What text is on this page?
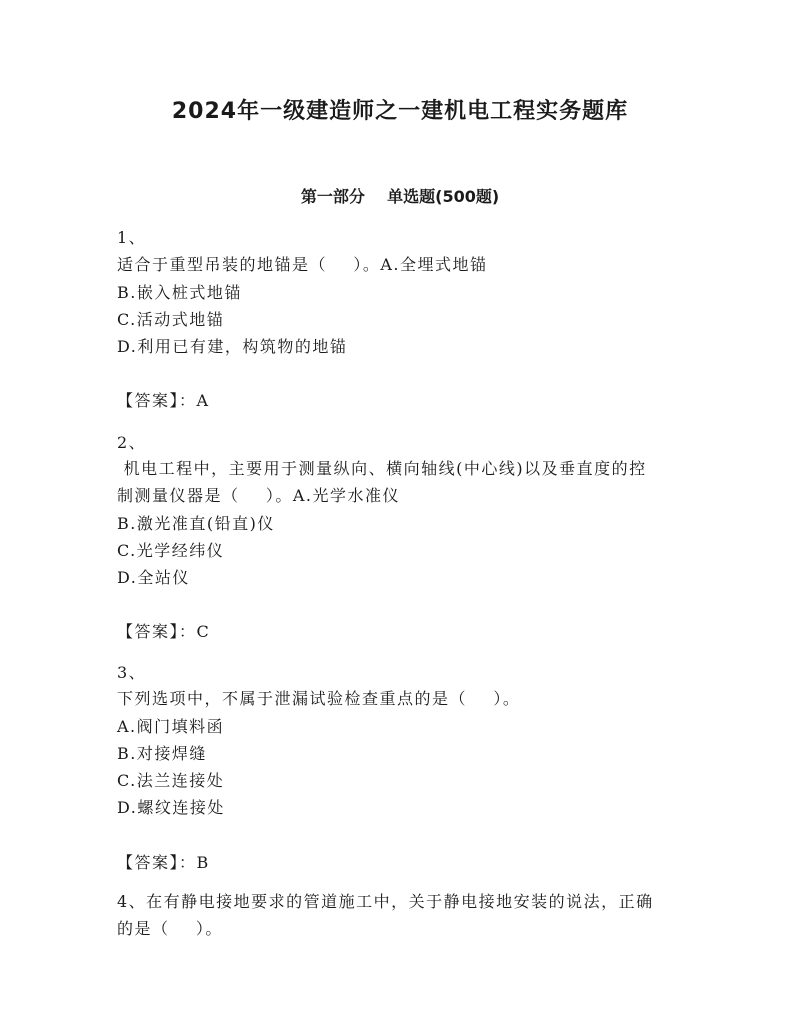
2024年一级建造师之一建机电工程实务题库
第一部分    单选题(500题)
1、
适合于重型吊装的地锚是（    ）。A.全埋式地锚
B.嵌入桩式地锚
C.活动式地锚
D.利用已有建，构筑物的地锚
【答案】：A
2、
机电工程中，主要用于测量纵向、横向轴线(中心线)以及垂直度的控
制测量仪器是（    ）。A.光学水准仪
B.激光准直(铅直)仪
C.光学经纬仪
D.全站仪
【答案】：C
3、
下列选项中，不属于泄漏试验检查重点的是（    ）。
A.阀门填料函
B.对接焊缝
C.法兰连接处
D.螺纹连接处
【答案】：B
4、在有静电接地要求的管道施工中，关于静电接地安装的说法，正确
的是（    ）。
